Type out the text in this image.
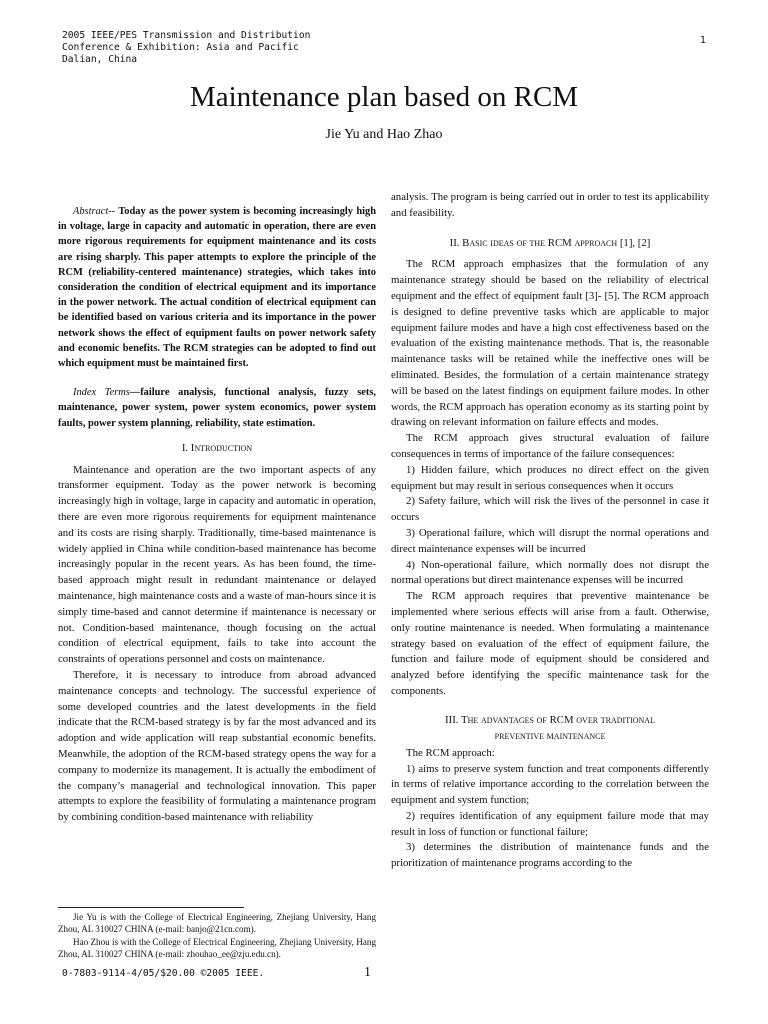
2005 IEEE/PES Transmission and Distribution
Conference & Exhibition: Asia and Pacific
Dalian, China
1
Maintenance plan based on RCM
Jie Yu and Hao Zhao

Abstract-- Today as the power system is becoming increasingly high in voltage, large in capacity and automatic in operation, there are even more rigorous requirements for equipment maintenance and its costs are rising sharply. This paper attempts to explore the principle of the RCM (reliability-centered maintenance) strategies, which takes into consideration the condition of electrical equipment and its importance in the power network. The actual condition of electrical equipment can be identified based on various criteria and its importance in the power network shows the effect of equipment faults on power network safety and economic benefits. The RCM strategies can be adopted to find out which equipment must be maintained first.

Index Terms—failure analysis, functional analysis, fuzzy sets, maintenance, power system, power system economics, power system faults, power system planning, reliability, state estimation.

I. Introduction

Maintenance and operation are the two important aspects of any transformer equipment. Today as the power network is becoming increasingly high in voltage, large in capacity and automatic in operation, there are even more rigorous requirements for equipment maintenance and its costs are rising sharply. Traditionally, time-based maintenance is widely applied in China while condition-based maintenance has become increasingly popular in the recent years. As has been found, the time-based approach might result in redundant maintenance or delayed maintenance, high maintenance costs and a waste of man-hours since it is simply time-based and cannot determine if maintenance is necessary or not. Condition-based maintenance, though focusing on the actual condition of electrical equipment, fails to take into account the constraints of operations personnel and costs on maintenance.

Therefore, it is necessary to introduce from abroad advanced maintenance concepts and technology. The successful experience of some developed countries and the latest developments in the field indicate that the RCM-based strategy is by far the most advanced and its adoption and wide application will reap substantial economic benefits. Meanwhile, the adoption of the RCM-based strategy opens the way for a company to modernize its management. It is actually the embodiment of the company’s managerial and technological innovation. This paper attempts to explore the feasibility of formulating a maintenance program by combining condition-based maintenance with reliability

analysis. The program is being carried out in order to test its applicability and feasibility.

II. Basic ideas of the RCM approach [1], [2]

The RCM approach emphasizes that the formulation of any maintenance strategy should be based on the reliability of electrical equipment and the effect of equipment fault [3]- [5]. The RCM approach is designed to define preventive tasks which are applicable to major equipment failure modes and have a high cost effectiveness based on the evaluation of the existing maintenance methods. That is, the reasonable maintenance tasks will be retained while the ineffective ones will be eliminated. Besides, the formulation of a certain maintenance strategy will be based on the latest findings on equipment failure modes. In other words, the RCM approach has operation economy as its starting point by drawing on relevant information on failure effects and modes.

The RCM approach gives structural evaluation of failure consequences in terms of importance of the failure consequences:

1) Hidden failure, which produces no direct effect on the given equipment but may result in serious consequences when it occurs

2) Safety failure, which will risk the lives of the personnel in case it occurs

3) Operational failure, which will disrupt the normal operations and direct maintenance expenses will be incurred

4) Non-operational failure, which normally does not disrupt the normal operations but direct maintenance expenses will be incurred

The RCM approach requires that preventive maintenance be implemented where serious effects will arise from a fault. Otherwise, only routine maintenance is needed. When formulating a maintenance strategy based on evaluation of the effect of equipment failure, the function and failure mode of equipment should be considered and analyzed before identifying the specific maintenance task for the components.

III. The advantages of RCM over traditional
preventive maintenance

The RCM approach:

1) aims to preserve system function and treat components differently in terms of relative importance according to the correlation between the equipment and system function;

2) requires identification of any equipment failure mode that may result in loss of function or functional failure;

3) determines the distribution of maintenance funds and the prioritization of maintenance programs according to the

Jie Yu is with the College of Electrical Engineering, Zhejiang University, Hang Zhou, AL 310027 CHINA (e-mail: banjo@21cn.com).

Hao Zhou is with the College of Electrical Engineering, Zhejiang University, Hang Zhou, AL 310027 CHINA (e-mail: zhouhao_ee@zju.edu.cn).

0-7803-9114-4/05/$20.00 ©2005 IEEE.	1
